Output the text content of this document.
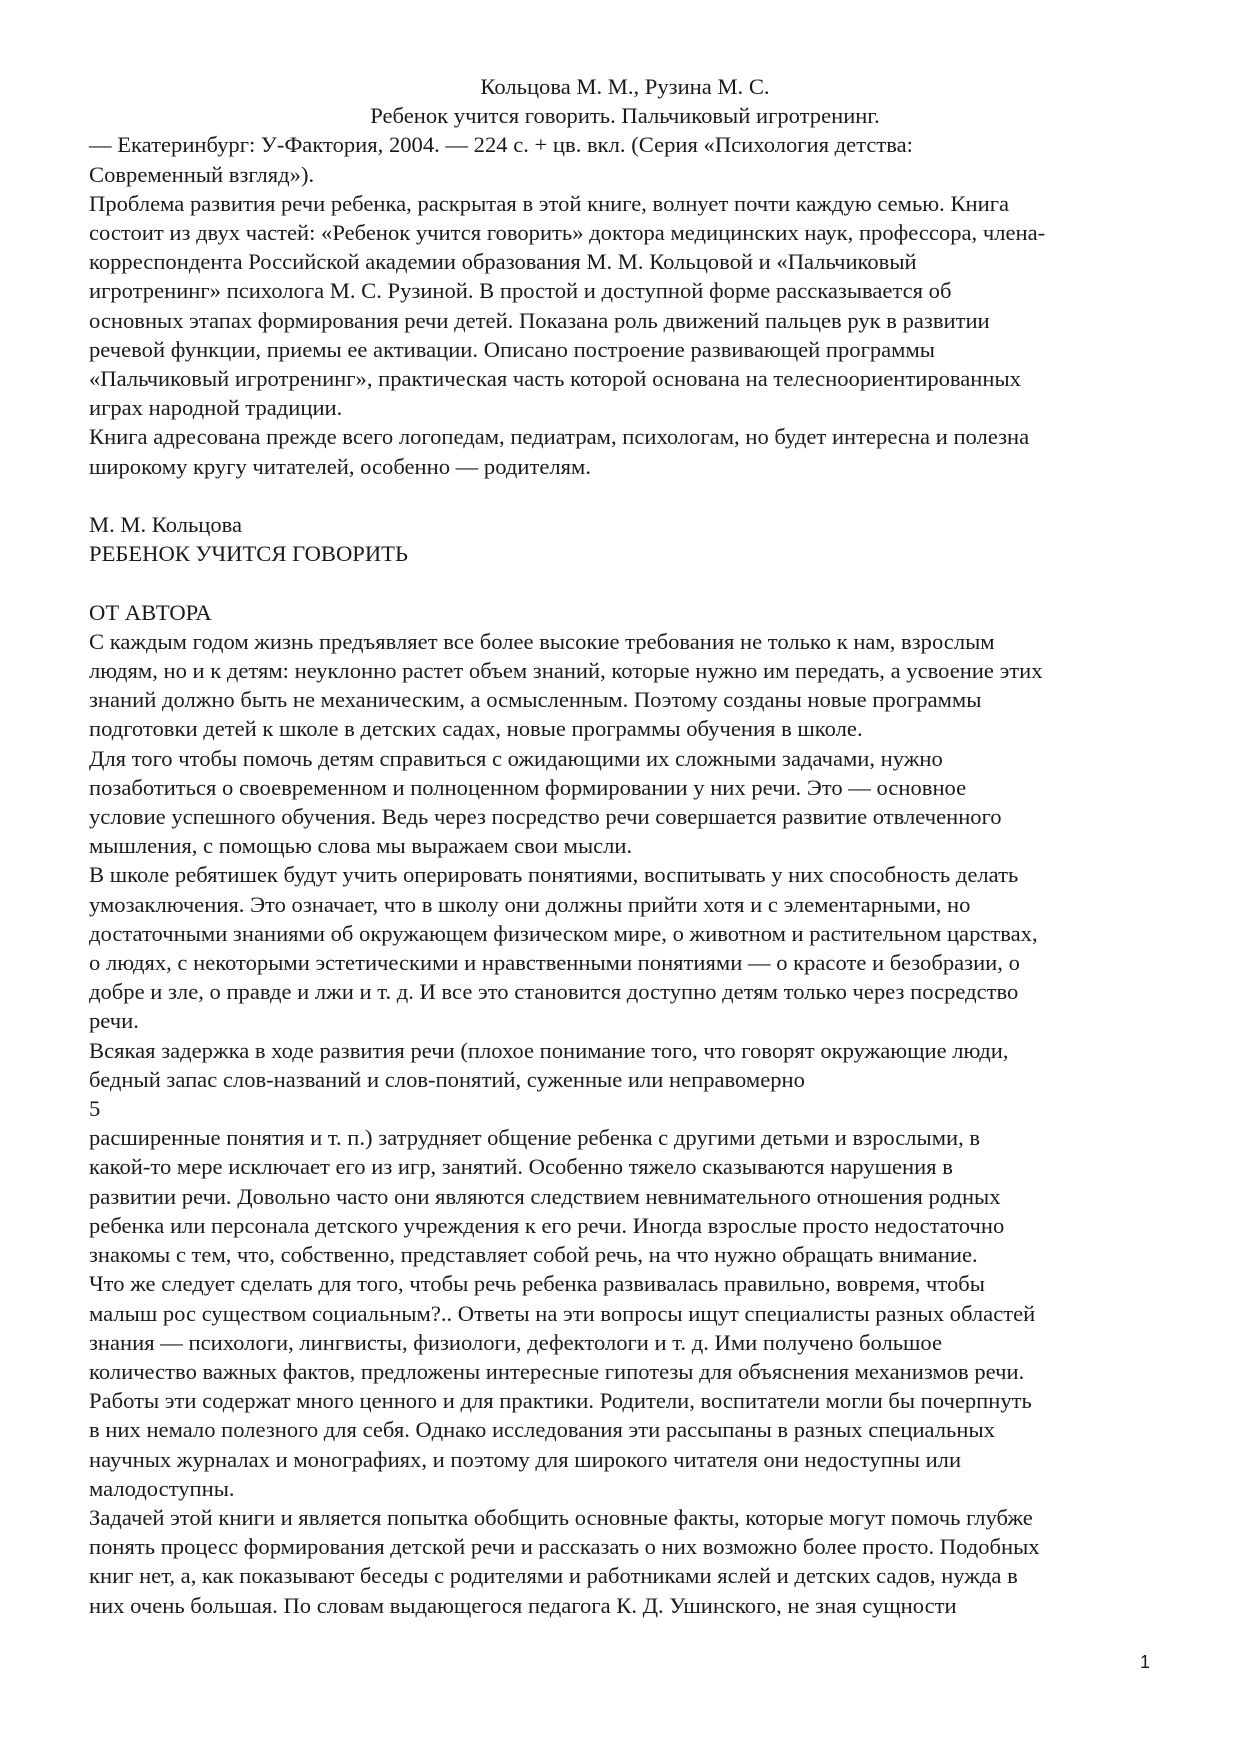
Кольцова М. М., Рузина М. С.

Ребенок учится говорить. Пальчиковый игротренинг.

— Екатеринбург: У-Фактория, 2004. — 224 с. + цв. вкл. (Серия «Психология детства:

Современный взгляд»).

Проблема развития речи ребенка, раскрытая в этой книге, волнует почти каждую семью. Книга

состоит из двух частей: «Ребенок учится говорить» доктора медицинских наук, профессора, члена-

корреспондента Российской академии образования М. М. Кольцовой и «Пальчиковый

игротренинг» психолога М. С. Рузиной. В простой и доступной форме рассказывается об

основных этапах формирования речи детей. Показана роль движений пальцев рук в развитии

речевой функции, приемы ее активации. Описано построение развивающей программы

«Пальчиковый игротренинг», практическая часть которой основана на телесноориентированных

играх народной традиции.

Книга адресована прежде всего логопедам, педиатрам, психологам, но будет интересна и полезна

широкому кругу читателей, особенно — родителям.

М. М. Кольцова

РЕБЕНОК УЧИТСЯ ГОВОРИТЬ

ОТ АВТОРА

С каждым годом жизнь предъявляет все более высокие требования не только к нам, взрослым

людям, но и к детям: неуклонно растет объем знаний, которые нужно им передать, а усвоение этих

знаний должно быть не механическим, а осмысленным. Поэтому созданы новые программы

подготовки детей к школе в детских садах, новые программы обучения в школе.

Для того чтобы помочь детям справиться с ожидающими их сложными задачами, нужно

позаботиться о своевременном и полноценном формировании у них речи. Это — основное

условие успешного обучения. Ведь через посредство речи совершается развитие отвлеченного

мышления, с помощью слова мы выражаем свои мысли.

В школе ребятишек будут учить оперировать понятиями, воспитывать у них способность делать

умозаключения. Это означает, что в школу они должны прийти хотя и с элементарными, но

достаточными знаниями об окружающем физическом мире, о животном и растительном царствах,

о людях, с некоторыми эстетическими и нравственными понятиями — о красоте и безобразии, о

добре и зле, о правде и лжи и т. д. И все это становится доступно детям только через посредство

речи.

Всякая задержка в ходе развития речи (плохое понимание того, что говорят окружающие люди,

бедный запас слов-названий и слов-понятий, суженные или неправомерно

5

расширенные понятия и т. п.) затрудняет общение ребенка с другими детьми и взрослыми, в

какой-то мере исключает его из игр, занятий. Особенно тяжело сказываются нарушения в

развитии речи. Довольно часто они являются следствием невнимательного отношения родных

ребенка или персонала детского учреждения к его речи. Иногда взрослые просто недостаточно

знакомы с тем, что, собственно, представляет собой речь, на что нужно обращать внимание.

Что же следует сделать для того, чтобы речь ребенка развивалась правильно, вовремя, чтобы

малыш рос существом социальным?.. Ответы на эти вопросы ищут специалисты разных областей

знания — психологи, лингвисты, физиологи, дефектологи и т. д. Ими получено большое

количество важных фактов, предложены интересные гипотезы для объяснения механизмов речи.

Работы эти содержат много ценного и для практики. Родители, воспитатели могли бы почерпнуть

в них немало полезного для себя. Однако исследования эти рассыпаны в разных специальных

научных журналах и монографиях, и поэтому для широкого читателя они недоступны или

малодоступны.

Задачей этой книги и является попытка обобщить основные факты, которые могут помочь глубже

понять процесс формирования детской речи и рассказать о них возможно более просто. Подобных

книг нет, а, как показывают беседы с родителями и работниками яслей и детских садов, нужда в

них очень большая. По словам выдающегося педагога К. Д. Ушинского, не зная сущности

1
